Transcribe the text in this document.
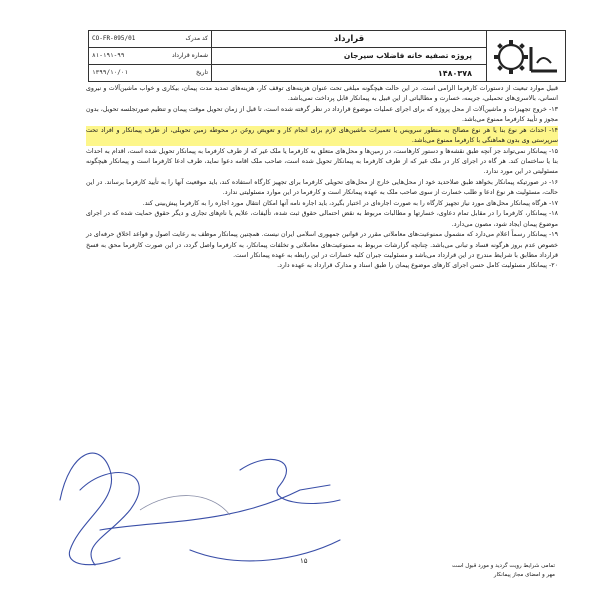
قرارداد
پروژه تصفیه خانه فاضلاب سیرجان
۱۴۸۰۳۷۸
کد مدرک
CO-FR-095/01
شماره قرارداد
۸۱-۱۹۱-۹۹
تاریخ
۱۳۹۹/۱۰/۰۱

قبیل موارد تبعیت از دستورات کارفرما الزامی است. در این حالت هیچگونه مبلغی تحت عنوان هزینه‌های توقف کار، هزینه‌های تمدید مدت پیمان، بیکاری و خواب ماشین‌آلات و نیروی انسانی، بالاسری‌های تحمیلی، جریمه، خسارت و مطالباتی از این قبیل به پیمانکار قابل پرداخت نمی‌باشد.

۱۳- خروج تجهیزات و ماشین‌آلات از محل پروژه که برای اجرای عملیات موضوع قرارداد در نظر گرفته شده است، تا قبل از زمان تحویل موقت پیمان و تنظیم صورتجلسه تحویل، بدون مجوز و تأیید کارفرما ممنوع می‌باشد.

۱۴- احداث هر نوع بنا یا هر نوع مصالح به منظور سرویس یا تعمیرات ماشین‌های لازم برای انجام کار و تعویض روغن در محوطه زمین تحویلی، از طرف پیمانکار و افراد تحت سرپرستی وی بدون هماهنگی با کارفرما ممنوع می‌باشد.

۱۵- پیمانکار نمی‌تواند جز آنچه طبق نقشه‌ها و دستور کارهاست، در زمین‌ها و محل‌های متعلق به کارفرما یا ملک غیر که از طرف کارفرما به پیمانکار تحویل شده است، اقدام به احداث بنا یا ساختمان کند. هر گاه در اجرای کار در ملک غیر که از طرف کارفرما به پیمانکار تحویل شده است، صاحب ملک اقامه دعوا نماید، طرف ادعا کارفرما است و پیمانکار هیچگونه مسئولیتی در این مورد ندارد.

۱۶- در صورتیکه پیمانکار بخواهد طبق صلاحدید خود از محل‌هایی خارج از محل‌های تحویلی کارفرما برای تجهیز کارگاه استفاده کند، باید موقعیت آنها را به تأیید کارفرما برساند. در این حالت، مسئولیت هر نوع ادعا و طلب خسارت از سوی صاحب ملک به عهده پیمانکار است و کارفرما در این موارد مسئولیتی ندارد.

۱۷- هرگاه پیمانکار محل‌های مورد نیاز تجهیز کارگاه را به صورت اجاره‌ای در اختیار بگیرد، باید اجاره نامه آنها امکان انتقال مورد اجاره را به کارفرما پیش‌بینی کند.

۱۸- پیمانکار، کارفرما را در مقابل تمام دعاوی، خسارتها و مطالبات مربوط به نقض احتمالی حقوق ثبت شده، تألیفات، علایم یا نام‌های تجاری و دیگر حقوق حمایت شده که در اجرای موضوع پیمان ایجاد شود، مصون می‌دارد.

۱۹- پیمانکار رسماً اعلام می‌دارد که مشمول ممنوعیت‌های معاملاتی مقرر در قوانین جمهوری اسلامی ایران نیست. همچنین پیمانکار موظف به رعایت اصول و قواعد اخلاق حرفه‌ای در خصوص عدم بروز هرگونه فساد و تبانی می‌باشد. چنانچه گزارشات مربوط به ممنوعیت‌های معاملاتی و تخلفات پیمانکار، به کارفرما واصل گردد، در این صورت کارفرما محق به فسخ قرارداد مطابق با شرایط مندرج در این قرارداد می‌باشد و مسئولیت جبران کلیه خسارات در این رابطه به عهده پیمانکار است.

۲۰- پیمانکار مسئولیت کامل حسن اجرای کارهای موضوع پیمان را طبق اسناد و مدارک قرارداد به عهده دارد.

۱۵
تمامی شرایط رویت گردید و مورد قبول است
مهر و امضای مجاز پیمانکار
